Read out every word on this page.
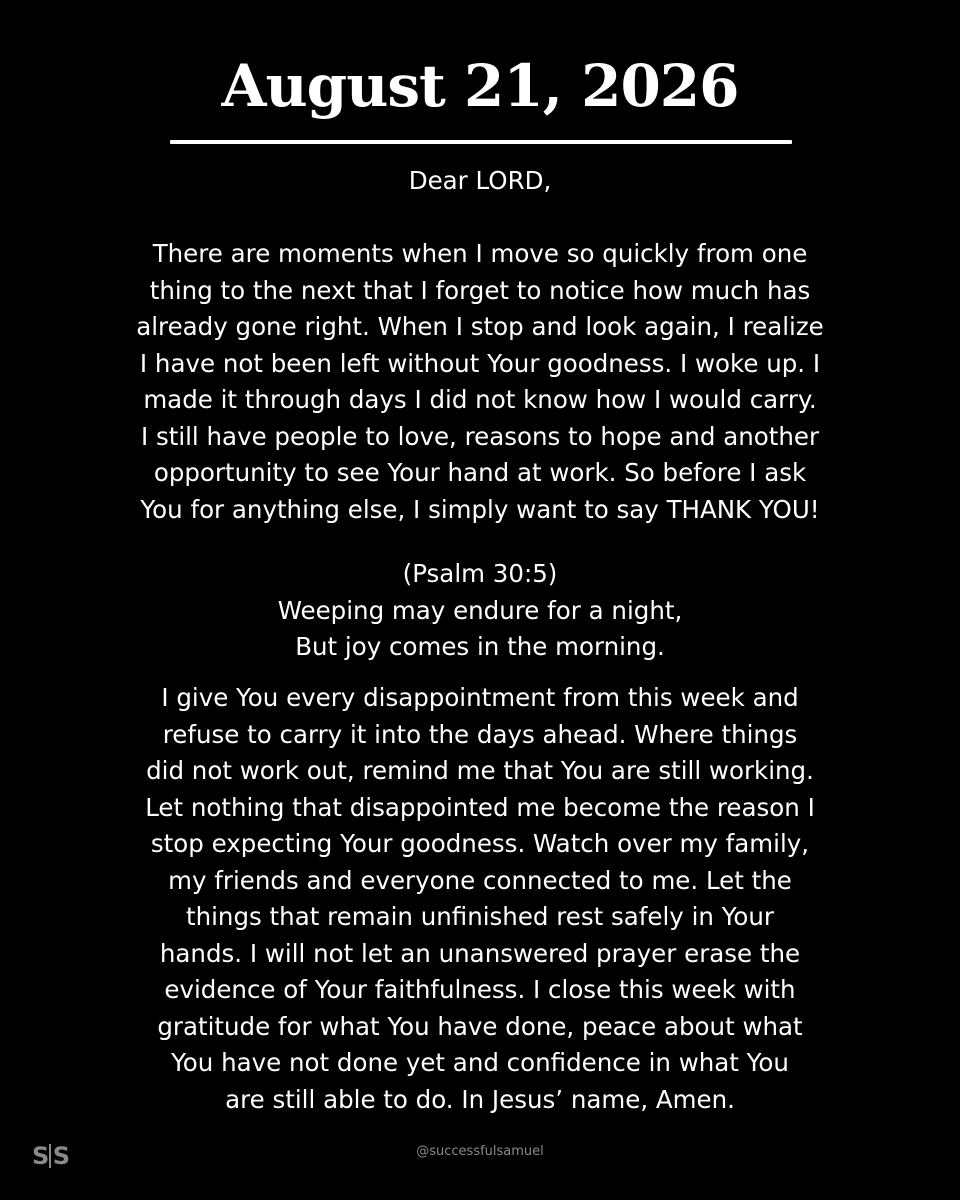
August 21, 2026
Dear LORD,
There are moments when I move so quickly from one
thing to the next that I forget to notice how much has
already gone right. When I stop and look again, I realize
I have not been left without Your goodness. I woke up. I
made it through days I did not know how I would carry.
I still have people to love, reasons to hope and another
opportunity to see Your hand at work. So before I ask
You for anything else, I simply want to say THANK YOU!
(Psalm 30:5)
Weeping may endure for a night,
But joy comes in the morning.
I give You every disappointment from this week and
refuse to carry it into the days ahead. Where things
did not work out, remind me that You are still working.
Let nothing that disappointed me become the reason I
stop expecting Your goodness. Watch over my family,
my friends and everyone connected to me. Let the
things that remain unfinished rest safely in Your
hands. I will not let an unanswered prayer erase the
evidence of Your faithfulness. I close this week with
gratitude for what You have done, peace about what
You have not done yet and confidence in what You
are still able to do. In Jesus’ name, Amen.
S S	@successfulsamuel
